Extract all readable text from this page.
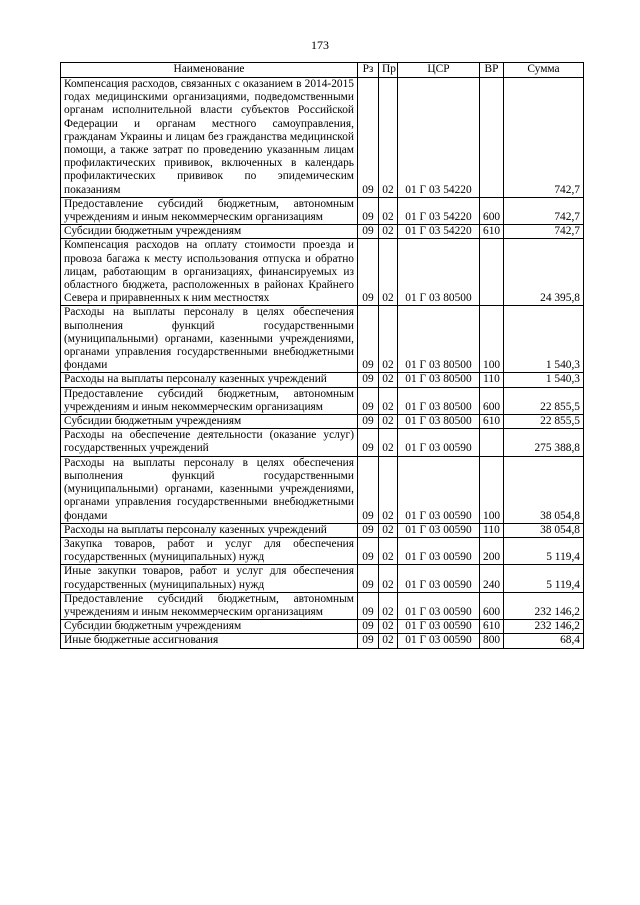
173
Наименование	Рз	Пр	ЦСР	ВР	Сумма
Компенсация расходов, связанных с оказанием в 2014-2015 годах медицинскими организациями, подведомственными органам исполнительной власти субъектов Российской Федерации и органам местного самоуправления, гражданам Украины и лицам без гражданства медицинской помощи, а также затрат по проведению указанным лицам профилактических прививок, включенных в календарь профилактических прививок по эпидемическим показаниям	09	02	01 Г 03 54220		742,7
Предоставление субсидий бюджетным, автономным учреждениям и иным некоммерческим организациям	09	02	01 Г 03 54220	600	742,7
Субсидии бюджетным учреждениям	09	02	01 Г 03 54220	610	742,7
Компенсация расходов на оплату стоимости проезда и провоза багажа к месту использования отпуска и обратно лицам, работающим в организациях, финансируемых из областного бюджета, расположенных в районах Крайнего Севера и приравненных к ним местностях	09	02	01 Г 03 80500		24 395,8
Расходы на выплаты персоналу в целях обеспечения выполнения функций государственными (муниципальными) органами, казенными учреждениями, органами управления государственными внебюджетными фондами	09	02	01 Г 03 80500	100	1 540,3
Расходы на выплаты персоналу казенных учреждений	09	02	01 Г 03 80500	110	1 540,3
Предоставление субсидий бюджетным, автономным учреждениям и иным некоммерческим организациям	09	02	01 Г 03 80500	600	22 855,5
Субсидии бюджетным учреждениям	09	02	01 Г 03 80500	610	22 855,5
Расходы на обеспечение деятельности (оказание услуг) государственных учреждений	09	02	01 Г 03 00590		275 388,8
Расходы на выплаты персоналу в целях обеспечения выполнения функций государственными (муниципальными) органами, казенными учреждениями, органами управления государственными внебюджетными фондами	09	02	01 Г 03 00590	100	38 054,8
Расходы на выплаты персоналу казенных учреждений	09	02	01 Г 03 00590	110	38 054,8
Закупка товаров, работ и услуг для обеспечения государственных (муниципальных) нужд	09	02	01 Г 03 00590	200	5 119,4
Иные закупки товаров, работ и услуг для обеспечения государственных (муниципальных) нужд	09	02	01 Г 03 00590	240	5 119,4
Предоставление субсидий бюджетным, автономным учреждениям и иным некоммерческим организациям	09	02	01 Г 03 00590	600	232 146,2
Субсидии бюджетным учреждениям	09	02	01 Г 03 00590	610	232 146,2
Иные бюджетные ассигнования	09	02	01 Г 03 00590	800	68,4
